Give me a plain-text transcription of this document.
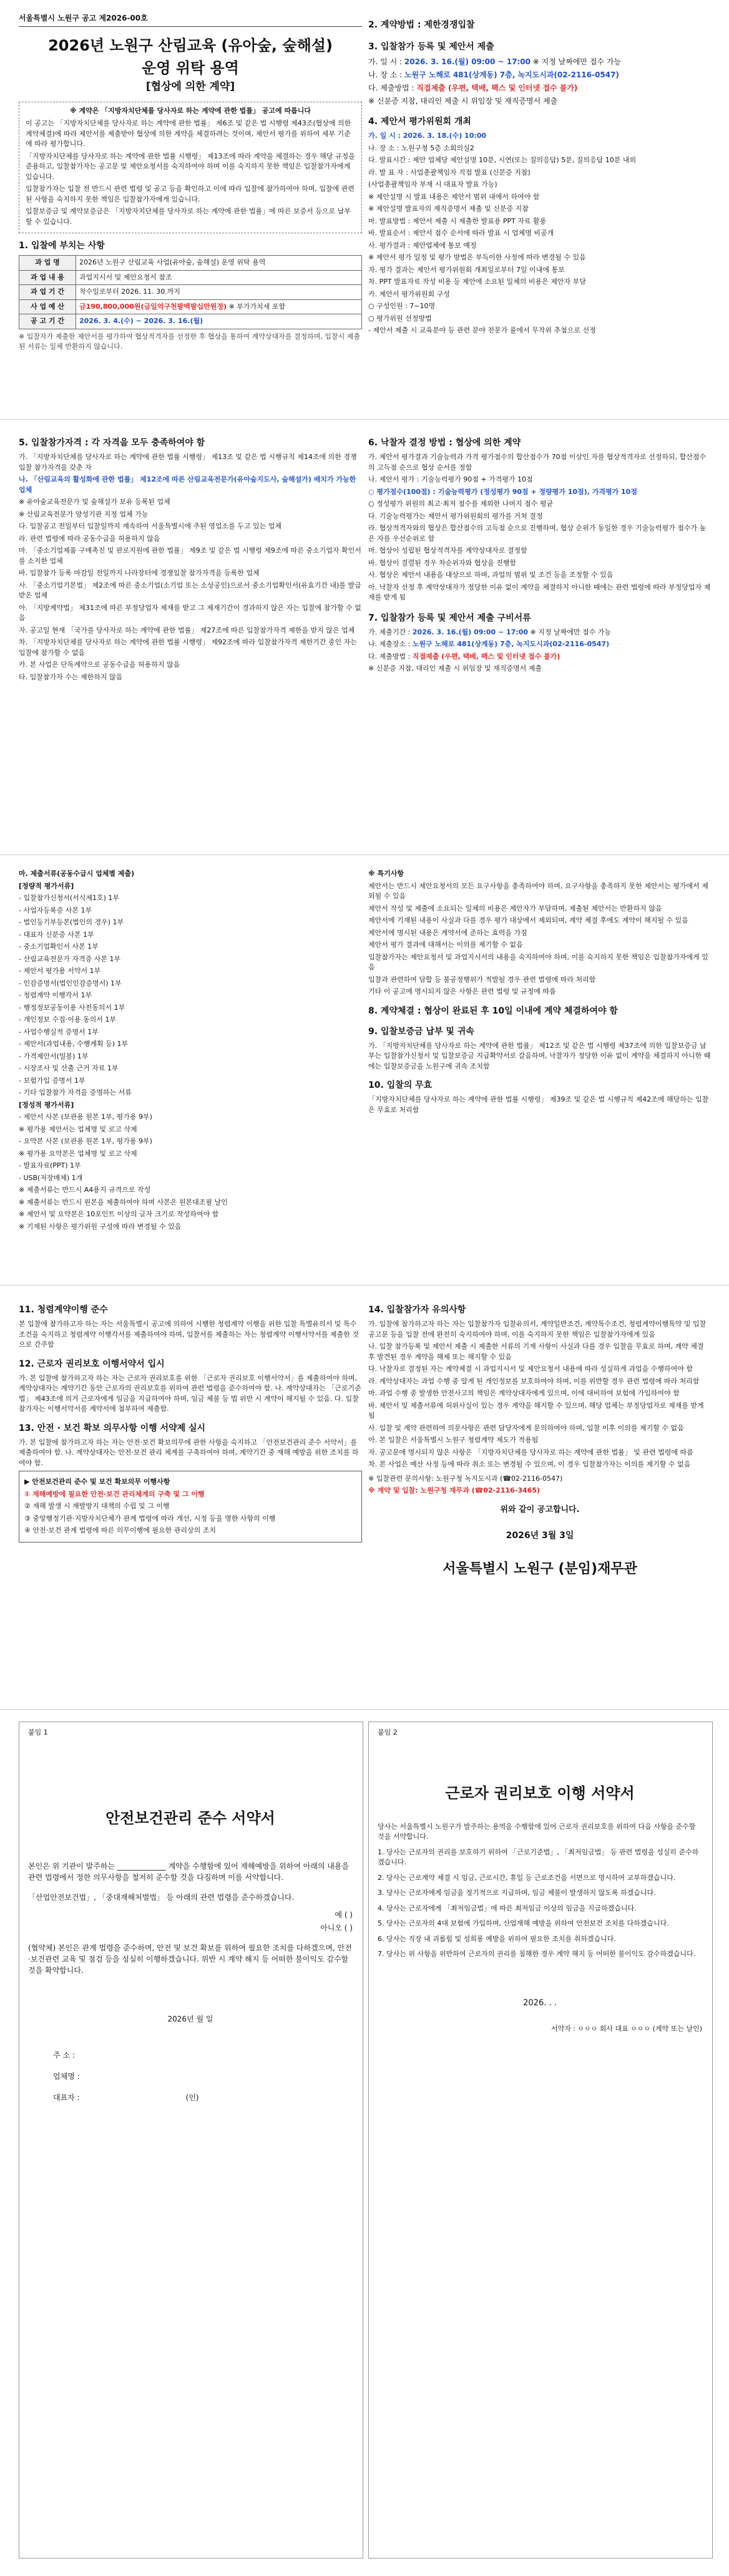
서울특별시 노원구 공고 제2026-00호
2026년 노원구 산림교육 (유아숲, 숲해설)
운영 위탁 용역
[협상에 의한 계약]
※ 계약은 「지방자치단체를 당사자로 하는 계약에 관한 법률」 공고에 따릅니다
이 공고는 「지방자치단체를 당사자로 하는 계약에 관한 법률」 제6조 및 같은 법 시행령 제43조(협상에 의한 계약체결)에 따라 제안서를 제출받아 협상에 의한 계약을 체결하려는 것이며, 제안서 평가를 위하여 세부 기준에 따라 평가합니다.
「지방자치단체를 당사자로 하는 계약에 관한 법률 시행령」 제13조에 따라 계약을 체결하는 경우 해당 규정을 준용하고, 입찰참가자는 공고문 및 제안요청서를 숙지하여야 하며 이를 숙지하지 못한 책임은 입찰참가자에게 있습니다.
입찰참가자는 입찰 전 반드시 관련 법령 및 공고 등을 확인하고 이에 따라 입찰에 참가하여야 하며, 입찰에 관련된 사항을 숙지하지 못한 책임은 입찰참가자에게 있습니다.
입찰보증금 및 계약보증금은 「지방자치단체를 당사자로 하는 계약에 관한 법률」에 따른 보증서 등으로 납부할 수 있습니다.
1. 입찰에 부치는 사항
과 업 명	2026년 노원구 산림교육 사업(유아숲, 숲해설) 운영 위탁 용역
과 업 내 용	과업지시서 및 제안요청서 참조
과 업 기 간	착수일로부터 2026. 11. 30.까지
사 업 예 산	금190,800,000원(금일억구천팔백팔십만원정) ※ 부가가치세 포함
공 고 기 간	2026. 3. 4.(수) ~ 2026. 3. 16.(월)
※ 입찰자가 제출한 제안서를 평가하여 협상적격자를 선정한 후 협상을 통하여 계약상대자를 결정하며, 입찰시 제출된 서류는 일체 반환하지 않습니다.
2. 계약방법 : 제한경쟁입찰
3. 입찰참가 등록 및 제안서 제출
가. 일 시 : 2026. 3. 16.(월) 09:00 ~ 17:00 ※ 지정 날짜에만 접수 가능
나. 장 소 : 노원구 노해로 481(상계동) 7층, 녹지도시과(02-2116-0547)
다. 제출방법 : 직접제출 (우편, 택배, 팩스 및 인터넷 접수 불가)
※ 신분증 지참, 대리인 제출 시 위임장 및 재직증명서 제출
4. 제안서 평가위원회 개최
가. 일 시 : 2026. 3. 18.(수) 10:00
나. 장 소 : 노원구청 5층 소회의실2
다. 발표시간 : 제안 업체당 제안설명 10분, 시연(또는 질의응답) 5분, 질의응답 10분 내외
라. 발 표 자 : 사업총괄책임자 직접 발표 (신분증 지참)
(사업총괄책임자 부재 시 대표자 발표 가능)
※ 제안설명 시 발표 내용은 제안서 범위 내에서 하여야 함
※ 제안설명 발표자의 재직증명서 제출 및 신분증 지참
마. 발표방법 : 제안서 제출 시 제출한 발표용 PPT 자료 활용
바. 발표순서 : 제안서 접수 순서에 따라 발표 시 업체명 비공개
사. 평가결과 : 제안업체에 통보 예정
※ 제안서 평가 일정 및 평가 방법은 부득이한 사정에 따라 변경될 수 있음
자. 평가 결과는 제안서 평가위원회 개최일로부터 7일 이내에 통보
차. PPT 발표자료 작성 비용 등 제안에 소요된 일체의 비용은 제안자 부담
카. 제안서 평가위원회 구성
○ 구성인원 : 7~10명
○ 평가위원 선정방법
- 제안서 제출 시 교육분야 등 관련 분야 전문가 풀에서 무작위 추첨으로 선정
5. 입찰참가자격 : 각 자격을 모두 충족하여야 함
가. 「지방자치단체를 당사자로 하는 계약에 관한 법률 시행령」 제13조 및 같은 법 시행규칙 제14조에 의한 경쟁입찰 참가자격을 갖춘 자
나. 「산림교육의 활성화에 관한 법률」 제12조에 따른 산림교육전문가(유아숲지도사, 숲해설가) 배치가 가능한 업체
※ 유아숲교육전문가 및 숲해설가 보유 등록된 업체
※ 산림교육전문가 양성기관 지정 업체 가능
다. 입찰공고 전일부터 입찰일까지 계속하여 서울특별시에 주된 영업소를 두고 있는 업체
라. 관련 법령에 따라 공동수급을 허용하지 않음
마. 「중소기업제품 구매촉진 및 판로지원에 관한 법률」 제9조 및 같은 법 시행령 제9조에 따른 중소기업자 확인서를 소지한 업체
바. 입찰참가 등록 마감일 전일까지 나라장터에 경쟁입찰 참가자격을 등록한 업체
사. 「중소기업기본법」 제2조에 따른 중소기업(소기업 또는 소상공인)으로서 중소기업확인서(유효기간 내)를 발급받은 업체
아. 「지방계약법」 제31조에 따른 부정당업자 제재를 받고 그 제재기간이 경과하지 않은 자는 입찰에 참가할 수 없음
자. 공고일 현재 「국가를 당사자로 하는 계약에 관한 법률」 제27조에 따른 입찰참가자격 제한을 받지 않은 업체
차. 「지방자치단체를 당사자로 하는 계약에 관한 법률 시행령」 제92조에 따라 입찰참가자격 제한기간 중인 자는 입찰에 참가할 수 없음
카. 본 사업은 단독계약으로 공동수급을 허용하지 않음
타. 입찰참가자 수는 제한하지 않음
6. 낙찰자 결정 방법 : 협상에 의한 계약
가. 제안서 평가결과 기술능력과 가격 평가점수의 합산점수가 70점 이상인 자를 협상적격자로 선정하되, 합산점수의 고득점 순으로 협상 순서를 정함
나. 제안서 평가 : 기술능력평가 90점 + 가격평가 10점
○ 평가점수(100점) : 기술능력평가 (정성평가 90점 + 정량평가 10점), 가격평가 10점
○ 정성평가 위원의 최고·최저 점수를 제외한 나머지 점수 평균
다. 기술능력평가는 제안서 평가위원회의 평가를 거쳐 결정
라. 협상적격자와의 협상은 합산점수의 고득점 순으로 진행하며, 협상 순위가 동일한 경우 기술능력평가 점수가 높은 자를 우선순위로 함
마. 협상이 성립된 협상적격자를 계약상대자로 결정함
바. 협상이 결렬된 경우 차순위자와 협상을 진행함
사. 협상은 제안서 내용을 대상으로 하며, 과업의 범위 및 조건 등을 조정할 수 있음
아. 낙찰자 선정 후 계약상대자가 정당한 이유 없이 계약을 체결하지 아니한 때에는 관련 법령에 따라 부정당업자 제재를 받게 됨
7. 입찰참가 등록 및 제안서 제출 구비서류
가. 제출기간 : 2026. 3. 16.(월) 09:00 ~ 17:00 ※ 지정 날짜에만 접수 가능
나. 제출장소 : 노원구 노해로 481(상계동) 7층, 녹지도시과(02-2116-0547)
다. 제출방법 : 직접제출 (우편, 택배, 팩스 및 인터넷 접수 불가)
※ 신분증 지참, 대리인 제출 시 위임장 및 재직증명서 제출
마. 제출서류(공동수급시 업체별 제출)
[정량적 평가서류]
- 입찰참가신청서(서식제1호) 1부
- 사업자등록증 사본 1부
- 법인등기부등본(법인의 경우) 1부
- 대표자 신분증 사본 1부
- 중소기업확인서 사본 1부
- 산림교육전문가 자격증 사본 1부
- 제안서 평가용 서약서 1부
- 인감증명서(법인인감증명서) 1부
- 청렴계약 이행각서 1부
- 행정정보공동이용 사전동의서 1부
- 개인정보 수집·이용 동의서 1부
- 사업수행실적 증명서 1부
- 제안서(과업내용, 수행계획 등) 1부
- 가격제안서(밀봉) 1부
- 시장조사 및 산출 근거 자료 1부
- 보험가입 증명서 1부
- 기타 입찰참가 자격을 증명하는 서류
[정성적 평가서류]
- 제안서 사본 (보관용 원본 1부, 평가용 9부)
※ 평가용 제안서는 업체명 및 로고 삭제
- 요약본 사본 (보관용 원본 1부, 평가용 9부)
※ 평가용 요약본은 업체명 및 로고 삭제
- 발표자료(PPT) 1부
- USB(저장매체) 1개
※ 제출서류는 반드시 A4용지 규격으로 작성
※ 제출서류는 반드시 원본을 제출하여야 하며 사본은 원본대조필 날인
※ 제안서 및 요약본은 10포인트 이상의 글자 크기로 작성하여야 함
※ 기재된 사항은 평가위원 구성에 따라 변경될 수 있음
※ 특기사항
제안서는 반드시 제안요청서의 모든 요구사항을 충족하여야 하며, 요구사항을 충족하지 못한 제안서는 평가에서 제외될 수 있음
제안서 작성 및 제출에 소요되는 일체의 비용은 제안자가 부담하며, 제출된 제안서는 반환하지 않음
제안서에 기재된 내용이 사실과 다를 경우 평가 대상에서 제외되며, 계약 체결 후에도 계약이 해지될 수 있음
제안서에 명시된 내용은 계약서에 준하는 효력을 가짐
제안서 평가 결과에 대해서는 이의를 제기할 수 없음
입찰참가자는 제안요청서 및 과업지시서의 내용을 숙지하여야 하며, 이를 숙지하지 못한 책임은 입찰참가자에게 있음
입찰과 관련하여 담합 등 불공정행위가 적발될 경우 관련 법령에 따라 처리함
기타 이 공고에 명시되지 않은 사항은 관련 법령 및 규정에 따름
8. 계약체결 : 협상이 완료된 후 10일 이내에 계약 체결하여야 함
9. 입찰보증금 납부 및 귀속
가. 「지방자치단체를 당사자로 하는 계약에 관한 법률」 제12조 및 같은 법 시행령 제37조에 의한 입찰보증금 납부는 입찰참가신청서 및 입찰보증금 지급확약서로 갈음하며, 낙찰자가 정당한 이유 없이 계약을 체결하지 아니한 때에는 입찰보증금을 노원구에 귀속 조치함
10. 입찰의 무효
「지방자치단체를 당사자로 하는 계약에 관한 법률 시행령」 제39조 및 같은 법 시행규칙 제42조에 해당하는 입찰은 무효로 처리함
11. 청렴계약이행 준수
본 입찰에 참가하고자 하는 자는 서울특별시 공고에 의하여 시행한 청렴계약 이행을 위한 입찰 특별유의서 및 특수조건을 숙지하고 청렴계약 이행각서를 제출하여야 하며, 입찰서를 제출하는 자는 청렴계약 이행서약서를 제출한 것으로 간주함
12. 근로자 권리보호 이행서약서 입시
가. 본 입찰에 참가하고자 하는 자는 근로자 권리보호를 위한 「근로자 권리보호 이행서약서」를 제출하여야 하며, 계약상대자는 계약기간 동안 근로자의 권리보호를 위하여 관련 법령을 준수하여야 함. 나. 계약상대자는 「근로기준법」 제43조에 의거 근로자에게 임금을 지급하여야 하며, 임금 체불 등 법 위반 시 계약이 해지될 수 있음. 다. 입찰참가자는 이행서약서를 계약서에 첨부하여 제출함.
13. 안전 · 보건 확보 의무사항 이행 서약제 실시
가. 본 입찰에 참가하고자 하는 자는 안전·보건 확보의무에 관한 사항을 숙지하고 「안전보건관리 준수 서약서」를 제출하여야 함. 나. 계약상대자는 안전·보건 관리 체계를 구축하여야 하며, 계약기간 중 재해 예방을 위한 조치를 하여야 함.
▶ 안전보건관리 준수 및 보건 확보의무 이행사항
① 재해예방에 필요한 안전·보건 관리체계의 구축 및 그 이행
② 재해 발생 시 재발방지 대책의 수립 및 그 이행
③ 중앙행정기관·지방자치단체가 관계 법령에 따라 개선, 시정 등을 명한 사항의 이행
④ 안전·보건 관계 법령에 따른 의무이행에 필요한 관리상의 조치
14. 입찰참가자 유의사항
가. 입찰에 참가하고자 하는 자는 입찰참가자 입찰유의서, 계약일반조건, 계약특수조건, 청렴계약이행특약 및 입찰공고문 등을 입찰 전에 완전히 숙지하여야 하며, 이를 숙지하지 못한 책임은 입찰참가자에게 있음
나. 입찰 참가등록 및 제안서 제출 시 제출한 서류의 기재 사항이 사실과 다를 경우 입찰을 무효로 하며, 계약 체결 후 발견된 경우 계약을 해제 또는 해지할 수 있음
다. 낙찰자로 결정된 자는 계약체결 시 과업지시서 및 제안요청서 내용에 따라 성실하게 과업을 수행하여야 함
라. 계약상대자는 과업 수행 중 알게 된 개인정보를 보호하여야 하며, 이를 위반할 경우 관련 법령에 따라 처리함
마. 과업 수행 중 발생한 안전사고의 책임은 계약상대자에게 있으며, 이에 대비하여 보험에 가입하여야 함
바. 제안서 및 제출서류에 허위사실이 있는 경우 계약을 해지할 수 있으며, 해당 업체는 부정당업자로 제재를 받게 됨
사. 입찰 및 계약 관련하여 의문사항은 관련 담당자에게 문의하여야 하며, 입찰 이후 이의를 제기할 수 없음
아. 본 입찰은 서울특별시 노원구 청렴계약 제도가 적용됨
자. 공고문에 명시되지 않은 사항은 「지방자치단체를 당사자로 하는 계약에 관한 법률」 및 관련 법령에 따름
차. 본 사업은 예산 사정 등에 따라 취소 또는 변경될 수 있으며, 이 경우 입찰참가자는 이의를 제기할 수 없음
※ 입찰관련 문의사항: 노원구청 녹지도시과 (☎02-2116-0547)
※ 계약 및 입찰: 노원구청 재무과 (☎02-2116-3465)
위와 같이 공고합니다.
2026년 3월 3일
서울특별시 노원구 (분임)재무관
붙임 1
안전보건관리 준수 서약서
본인은 위 기관이 발주하는 _____________ 계약을 수행함에 있어 재해예방을 위하여 아래의 내용을 관련 법령에서 정한 의무사항을 철저히 준수할 것을 다짐하며 이를 서약합니다.
「산업안전보건법」, 「중대재해처벌법」 등 아래의 관련 법령을 준수하겠습니다.
예 ( )
아니오 ( )
(협약체) 본인은 관계 법령을 준수하며, 안전 및 보건 확보를 위하여 필요한 조치를 다하겠으며, 안전·보건관련 교육 및 점검 등을 성실히 이행하겠습니다. 위반 시 계약 해지 등 어떠한 불이익도 감수할 것을 확약합니다.
2026년 월 일
주 소 :
업체명 :
대표자 :	(인)
붙임 2
근로자 권리보호 이행 서약서
당사는 서울특별시 노원구가 발주하는 용역을 수행함에 있어 근로자 권리보호를 위하여 다음 사항을 준수할 것을 서약합니다.
1. 당사는 근로자의 권리를 보호하기 위하여 「근로기준법」, 「최저임금법」 등 관련 법령을 성실히 준수하겠습니다.
2. 당사는 근로계약 체결 시 임금, 근로시간, 휴일 등 근로조건을 서면으로 명시하여 교부하겠습니다.
3. 당사는 근로자에게 임금을 정기적으로 지급하며, 임금 체불이 발생하지 않도록 하겠습니다.
4. 당사는 근로자에게 「최저임금법」에 따른 최저임금 이상의 임금을 지급하겠습니다.
5. 당사는 근로자의 4대 보험에 가입하며, 산업재해 예방을 위하여 안전보건 조치를 다하겠습니다.
6. 당사는 직장 내 괴롭힘 및 성희롱 예방을 위하여 필요한 조치를 취하겠습니다.
7. 당사는 위 사항을 위반하여 근로자의 권리를 침해한 경우 계약 해지 등 어떠한 불이익도 감수하겠습니다.
2026. . .
서약자 : ㅇㅇㅇ 회사 대표 ㅇㅇㅇ (계약 또는 날인)
